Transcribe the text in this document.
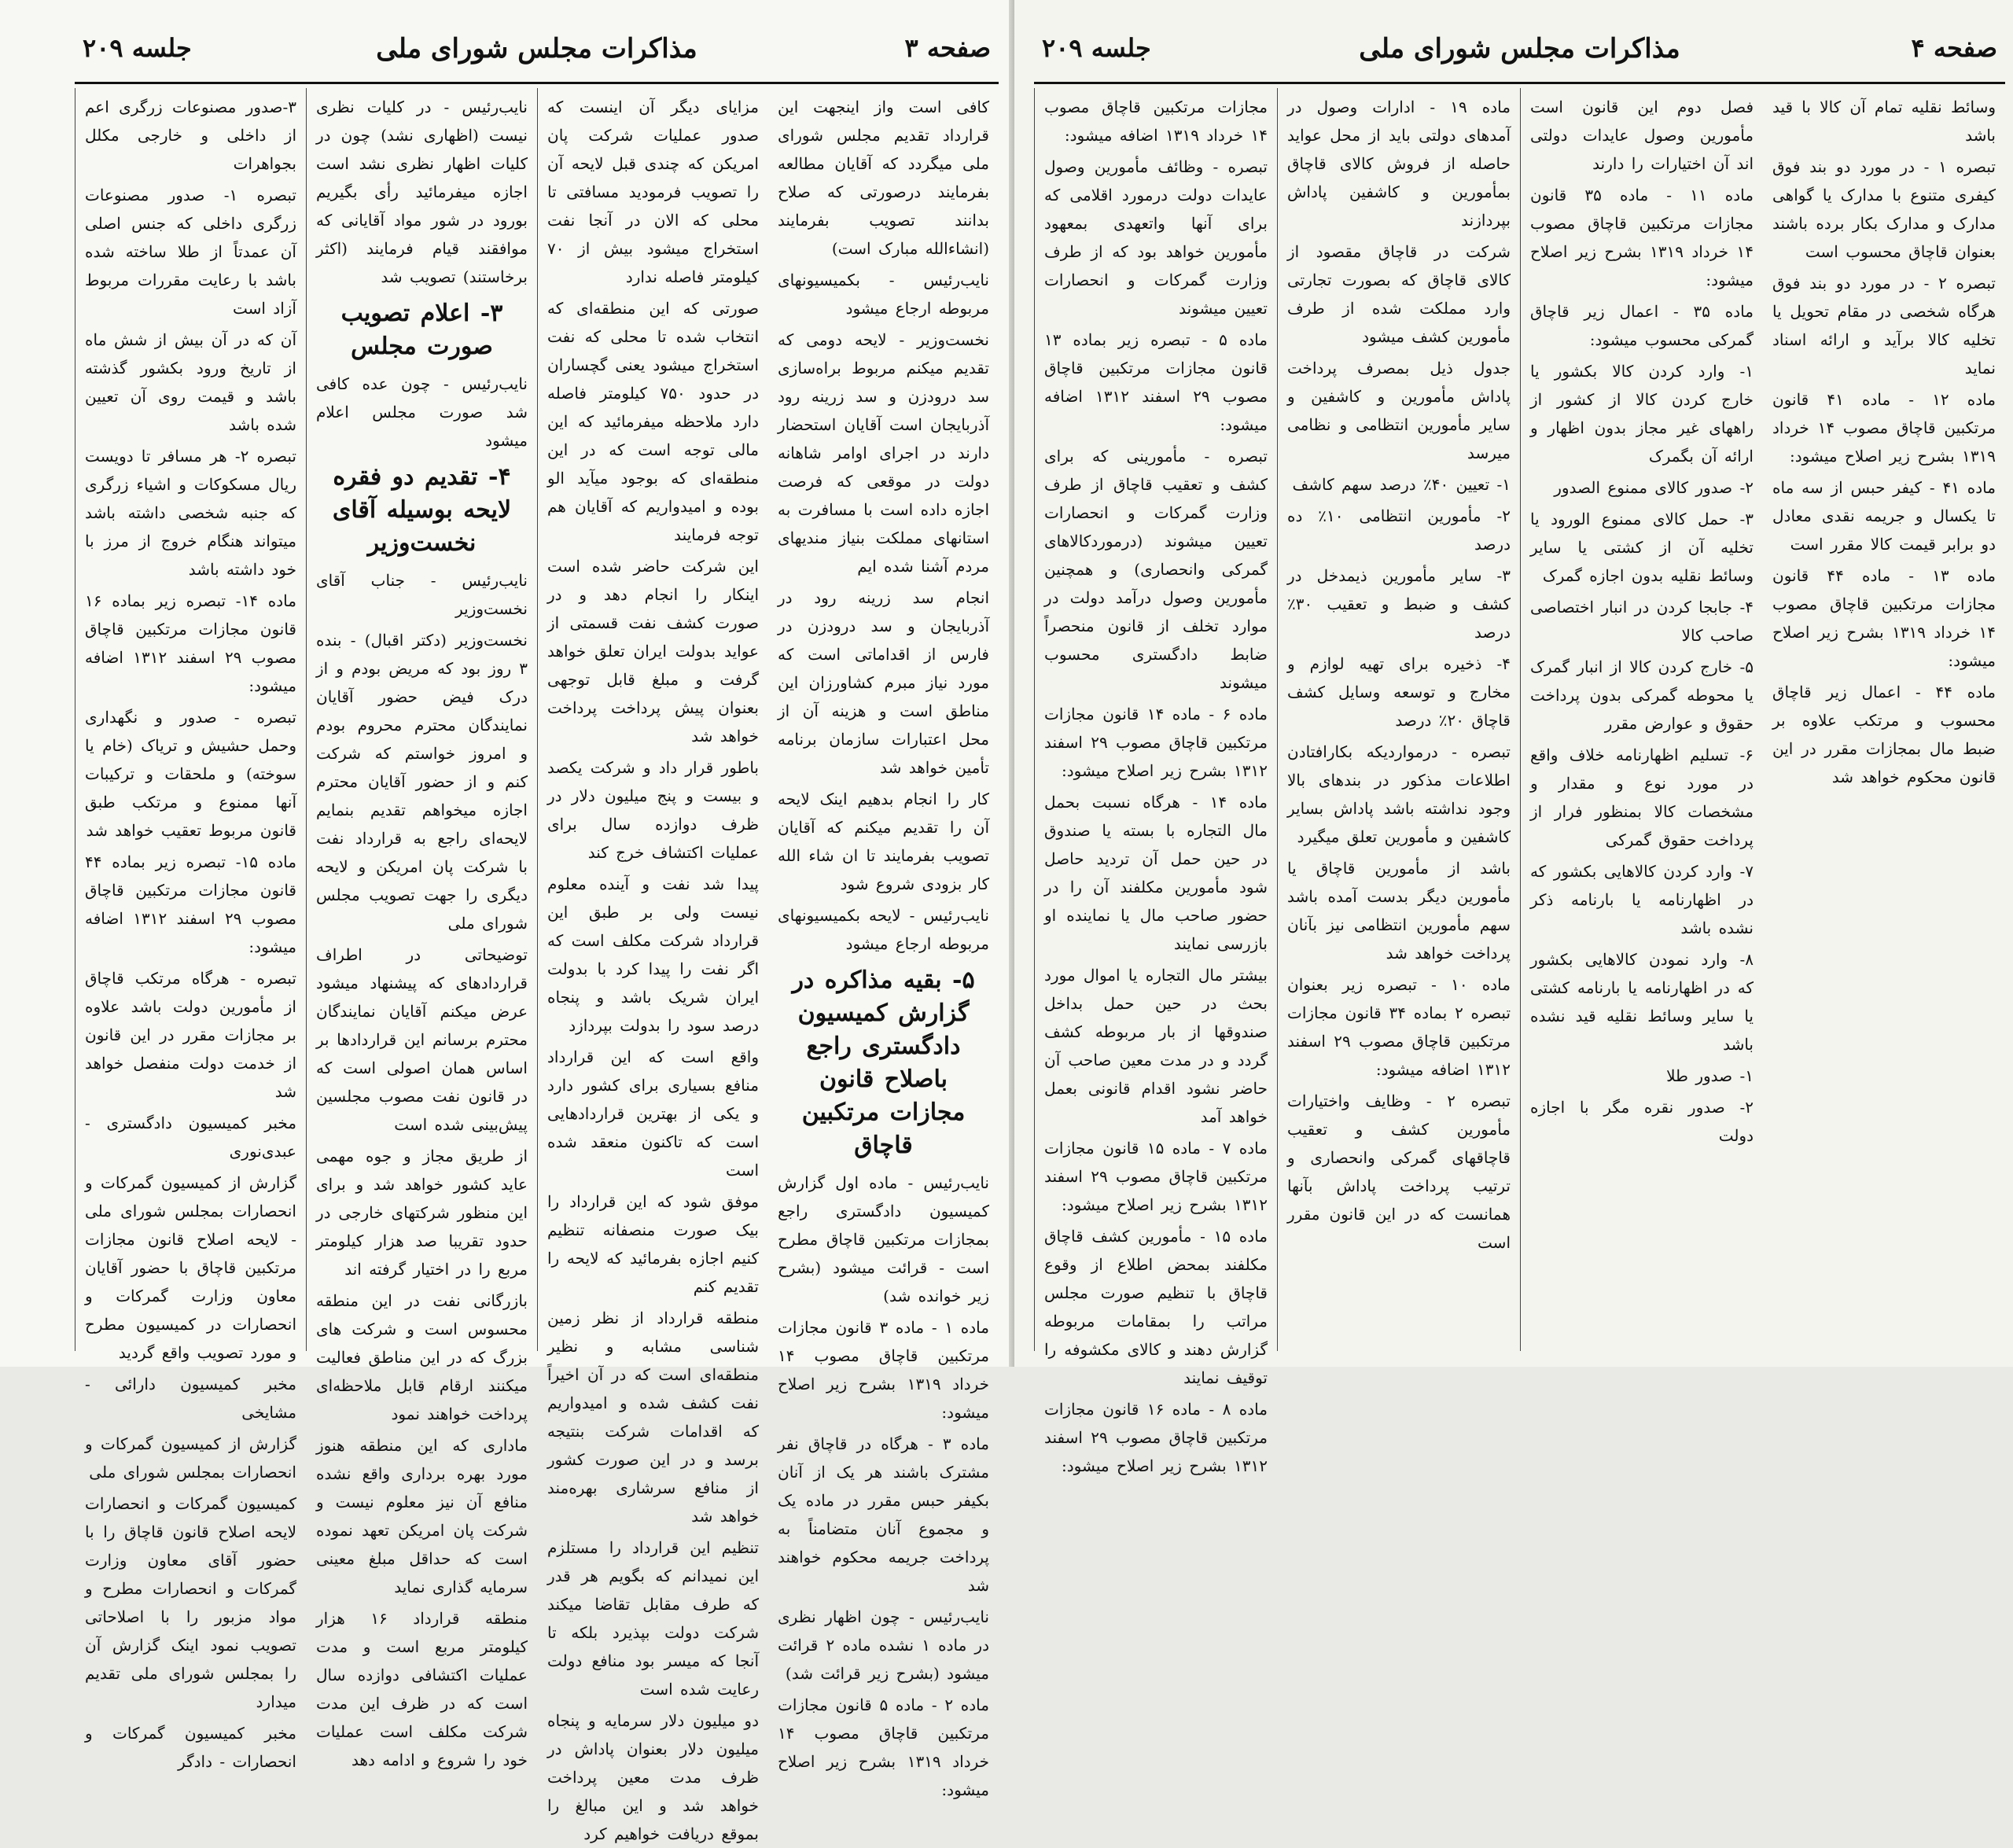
صفحه ۳
مذاکرات مجلس شورای ملی
جلسه ۲۰۹

۳-صدور مصنوعات زرگری اعم از داخلی و خارجی مکلل بجواهرات

تبصره ۱- صدور مصنوعات زرگری داخلی که جنس اصلی آن عمدتاً از طلا ساخته شده باشد با رعایت مقررات مربوط آزاد است

آن که در آن بیش از شش ماه از تاریخ ورود بکشور گذشته باشد و قیمت روی آن تعیین شده باشد

تبصره ۲- هر مسافر تا دویست ریال مسکوکات و اشیاء زرگری که جنبه شخصی داشته باشد میتواند هنگام خروج از مرز با خود داشته باشد

ماده ۱۴- تبصره زیر بماده ۱۶ قانون مجازات مرتکبین قاچاق مصوب ۲۹ اسفند ۱۳۱۲ اضافه میشود:

تبصره - صدور و نگهداری وحمل حشیش و تریاک (خام یا سوخته) و ملحقات و ترکیبات آنها ممنوع و مرتکب طبق قانون مربوط تعقیب خواهد شد

ماده ۱۵- تبصره زیر بماده ۴۴ قانون مجازات مرتکبین قاچاق مصوب ۲۹ اسفند ۱۳۱۲ اضافه میشود:

تبصره - هرگاه مرتکب قاچاق از مأمورین دولت باشد علاوه بر مجازات مقرر در این قانون از خدمت دولت منفصل خواهد شد

مخبر کمیسیون دادگستری - عبدی‌نوری

گزارش از کمیسیون گمرکات و انحصارات بمجلس شورای ملی - لایحه اصلاح قانون مجازات مرتکبین قاچاق با حضور آقایان معاون وزارت گمرکات و انحصارات در کمیسیون مطرح و مورد تصویب واقع گردید

مخبر کمیسیون دارائی - مشایخی

گزارش از کمیسیون گمرکات و انحصارات بمجلس شورای ملی

کمیسیون گمرکات و انحصارات لایحه اصلاح قانون قاچاق را با حضور آقای معاون وزارت گمرکات و انحصارات مطرح و مواد مزبور را با اصلاحاتی تصویب نمود اینک گزارش آن را بمجلس شورای ملی تقدیم میدارد

مخبر کمیسیون گمرکات و انحصارات - دادگر

نایب‌رئیس - در کلیات نظری نیست (اظهاری نشد) چون در کلیات اظهار نظری نشد است اجازه میفرمائید رأی بگیریم بورود در شور مواد آقایانی که موافقند قیام فرمایند (اکثر برخاستند) تصویب شد

۳- اعلام تصویب صورت مجلس

نایب‌رئیس - چون عده کافی شد صورت مجلس اعلام میشود

۴- تقدیم دو فقره لایحه بوسیله آقای نخست‌وزیر

نایب‌رئیس - جناب آقای نخست‌وزیر

نخست‌وزیر (دکتر اقبال) - بنده ۳ روز بود که مریض بودم و از درک فیض حضور آقایان نمایندگان محترم محروم بودم و امروز خواستم که شرکت کنم و از حضور آقایان محترم اجازه میخواهم تقدیم بنمایم لایحه‌ای راجع به قرارداد نفت با شرکت پان امریکن و لایحه دیگری را جهت تصویب مجلس شورای ملی

توضیحاتی در اطراف قراردادهای که پیشنهاد میشود عرض میکنم آقایان نمایندگان محترم برسانم این قراردادها بر اساس همان اصولی است که در قانون نفت مصوب مجلسین پیش‌بینی شده است

از طریق مجاز و جوه مهمی عاید کشور خواهد شد و برای این منظور شرکتهای خارجی در حدود تقریبا صد هزار کیلومتر مربع را در اختیار گرفته اند

بازرگانی نفت در این منطقه محسوس است و شرکت های بزرگ که در این مناطق فعالیت میکنند ارقام قابل ملاحظه‌ای پرداخت خواهند نمود

ماداری که این منطقه هنوز مورد بهره برداری واقع نشده منافع آن نیز معلوم نیست و شرکت پان امریکن تعهد نموده است که حداقل مبلغ معینی سرمایه گذاری نماید

منطقه قرارداد ۱۶ هزار کیلومتر مربع است و مدت عملیات اکتشافی دوازده سال است که در ظرف این مدت شرکت مکلف است عملیات خود را شروع و ادامه دهد

مزایای دیگر آن اینست که صدور عملیات شرکت پان امریکن که چندی قبل لایحه آن را تصویب فرمودید مسافتی تا محلی که الان در آنجا نفت استخراج میشود بیش از ۷۰ کیلومتر فاصله ندارد

صورتی که این منطقه‌ای که انتخاب شده تا محلی که نفت استخراج میشود یعنی گچساران در حدود ۷۵۰ کیلومتر فاصله دارد ملاحظه میفرمائید که این مالی توجه است که در این منطقه‌ای که بوجود میآید الو بوده و امیدواریم که آقایان هم توجه فرمایند

این شرکت حاضر شده است اینکار را انجام دهد و در صورت کشف نفت قسمتی از عواید بدولت ایران تعلق خواهد گرفت و مبلغ قابل توجهی بعنوان پیش پرداخت پرداخت خواهد شد

باطور قرار داد و شرکت یکصد و بیست و پنج میلیون دلار در ظرف دوازده سال برای عملیات اکتشاف خرج کند

پیدا شد نفت و آینده معلوم نیست ولی بر طبق این قرارداد شرکت مکلف است که اگر نفت را پیدا کرد با بدولت ایران شریک باشد و پنجاه درصد سود را بدولت بپردازد

واقع است که این قرارداد منافع بسیاری برای کشور دارد و یکی از بهترین قراردادهایی است که تاکنون منعقد شده است

موفق شود که این قرارداد را بیک صورت منصفانه تنظیم کنیم اجازه بفرمائید که لایحه را تقدیم کنم

منطقه قرارداد از نظر زمین شناسی مشابه و نظیر منطقه‌ای است که در آن اخیراً نفت کشف شده و امیدواریم که اقدامات شرکت بنتیجه برسد و در این صورت کشور از منافع سرشاری بهره‌مند خواهد شد

تنظیم این قرارداد را مستلزم این نمیدانم که بگویم هر قدر که طرف مقابل تقاضا میکند شرکت دولت بپذیرد بلکه تا آنجا که میسر بود منافع دولت رعایت شده است

دو میلیون دلار سرمایه و پنجاه میلیون دلار بعنوان پاداش در ظرف مدت معین پرداخت خواهد شد و این مبالغ را بموقع دریافت خواهیم کرد

کافی است واز اینجهت این قرارداد تقدیم مجلس شورای ملی میگردد که آقایان مطالعه بفرمایند درصورتی که صلاح بدانند تصویب بفرمایند (انشاءالله مبارک است)

نایب‌رئیس - بکمیسیونهای مربوطه ارجاع میشود

نخست‌وزیر - لایحه دومی که تقدیم میکنم مربوط براه‌سازی سد درودزن و سد زرینه رود آذربایجان است آقایان استحضار دارند در اجرای اوامر شاهانه دولت در موقعی که فرصت اجازه داده است با مسافرت به استانهای مملکت بنیاز مندیهای مردم آشنا شده ایم

انجام سد زرینه رود در آذربایجان و سد درودزن در فارس از اقداماتی است که مورد نیاز مبرم کشاورزان این مناطق است و هزینه آن از محل اعتبارات سازمان برنامه تأمین خواهد شد

کار را انجام بدهیم اینک لایحه آن را تقدیم میکنم که آقایان تصویب بفرمایند تا ان شاء الله کار بزودی شروع شود

نایب‌رئیس - لایحه بکمیسیونهای مربوطه ارجاع میشود

۵- بقیه مذاکره در گزارش کمیسیون دادگستری راجع باصلاح قانون مجازات مرتکبین قاچاق

نایب‌رئیس - ماده اول گزارش کمیسیون دادگستری راجع بمجازات مرتکبین قاچاق مطرح است - قرائت میشود (بشرح زیر خوانده شد)

ماده ۱ - ماده ۳ قانون مجازات مرتکبین قاچاق مصوب ۱۴ خرداد ۱۳۱۹ بشرح زیر اصلاح میشود:

ماده ۳ - هرگاه در قاچاق نفر مشترک باشند هر یک از آنان بکیفر حبس مقرر در ماده یک و مجموع آنان متضامناً به پرداخت جریمه محکوم خواهند شد

نایب‌رئیس - چون اظهار نظری در ماده ۱ نشده ماده ۲ قرائت میشود (بشرح زیر قرائت شد)

ماده ۲ - ماده ۵ قانون مجازات مرتکبین قاچاق مصوب ۱۴ خرداد ۱۳۱۹ بشرح زیر اصلاح میشود:

صفحه ۴
مذاکرات مجلس شورای ملی
جلسه ۲۰۹

مجازات مرتکبین قاچاق مصوب ۱۴ خرداد ۱۳۱۹ اضافه میشود:

تبصره - وظائف مأمورین وصول عایدات دولت درمورد اقلامی که برای آنها واتعهدی بمعهود مأمورین خواهد بود که از طرف وزارت گمرکات و انحصارات تعیین میشوند

ماده ۵ - تبصره زیر بماده ۱۳ قانون مجازات مرتکبین قاچاق مصوب ۲۹ اسفند ۱۳۱۲ اضافه میشود:

تبصره - مأمورینی که برای کشف و تعقیب قاچاق از طرف وزارت گمرکات و انحصارات تعیین میشوند (درموردکالاهای گمرکی وانحصاری) و همچنین مأمورین وصول درآمد دولت در موارد تخلف از قانون منحصراً ضابط دادگستری محسوب میشوند

ماده ۶ - ماده ۱۴ قانون مجازات مرتکبین قاچاق مصوب ۲۹ اسفند ۱۳۱۲ بشرح زیر اصلاح میشود:

ماده ۱۴ - هرگاه نسبت بحمل مال التجاره با بسته یا صندوق در حین حمل آن تردید حاصل شود مأمورین مکلفند آن را در حضور صاحب مال یا نماینده او بازرسی نمایند

بیشتر مال التجاره یا اموال مورد بحث در حین حمل بداخل صندوقها از بار مربوطه کشف گردد و در مدت معین صاحب آن حاضر نشود اقدام قانونی بعمل خواهد آمد

ماده ۷ - ماده ۱۵ قانون مجازات مرتکبین قاچاق مصوب ۲۹ اسفند ۱۳۱۲ بشرح زیر اصلاح میشود:

ماده ۱۵ - مأمورین کشف قاچاق مکلفند بمحض اطلاع از وقوع قاچاق با تنظیم صورت مجلس مراتب را بمقامات مربوطه گزارش دهند و کالای مکشوفه را توقیف نمایند

ماده ۸ - ماده ۱۶ قانون مجازات مرتکبین قاچاق مصوب ۲۹ اسفند ۱۳۱۲ بشرح زیر اصلاح میشود:

ماده ۱۹ - ادارات وصول در آمدهای دولتی باید از محل عواید حاصله از فروش کالای قاچاق بمأمورین و کاشفین پاداش بپردازند

شرکت در قاچاق مقصود از کالای قاچاق که بصورت تجارتی وارد مملکت شده از طرف مأمورین کشف میشود

جدول ذیل بمصرف پرداخت پاداش مأمورین و کاشفین و سایر مأمورین انتظامی و نظامی میرسد

۱- تعیین ۴۰٪ درصد سهم کاشف

۲- مأمورین انتظامی ۱۰٪ ده درصد

۳- سایر مأمورین ذیمدخل در کشف و ضبط و تعقیب ۳۰٪ درصد

۴- ذخیره برای تهیه لوازم و مخارج و توسعه وسایل کشف قاچاق ۲۰٪ درصد

تبصره - درمواردیکه بکارافتادن اطلاعات مذکور در بندهای بالا وجود نداشته باشد پاداش بسایر کاشفین و مأمورین تعلق میگیرد

باشد از مأمورین قاچاق یا مأمورین دیگر بدست آمده باشد سهم مأمورین انتظامی نیز بآنان پرداخت خواهد شد

ماده ۱۰ - تبصره زیر بعنوان تبصره ۲ بماده ۳۴ قانون مجازات مرتکبین قاچاق مصوب ۲۹ اسفند ۱۳۱۲ اضافه میشود:

تبصره ۲ - وظایف واختیارات مأمورین کشف و تعقیب قاچاقهای گمرکی وانحصاری و ترتیب پرداخت پاداش بآنها همانست که در این قانون مقرر است

فصل دوم این قانون است مأمورین وصول عایدات دولتی اند آن اختیارات را دارند

ماده ۱۱ - ماده ۳۵ قانون مجازات مرتکبین قاچاق مصوب ۱۴ خرداد ۱۳۱۹ بشرح زیر اصلاح میشود:

ماده ۳۵ - اعمال زیر قاچاق گمرکی محسوب میشود:

۱- وارد کردن کالا بکشور یا خارج کردن کالا از کشور از راههای غیر مجاز بدون اظهار و ارائه آن بگمرک

۲- صدور کالای ممنوع الصدور

۳- حمل کالای ممنوع الورود یا تخلیه آن از کشتی یا سایر وسائط نقلیه بدون اجازه گمرک

۴- جابجا کردن در انبار اختصاصی صاحب کالا

۵- خارج کردن کالا از انبار گمرک یا محوطه گمرکی بدون پرداخت حقوق و عوارض مقرر

۶- تسلیم اظهارنامه خلاف واقع در مورد نوع و مقدار و مشخصات کالا بمنظور فرار از پرداخت حقوق گمرکی

۷- وارد کردن کالاهایی بکشور که در اظهارنامه یا بارنامه ذکر نشده باشد

۸- وارد نمودن کالاهایی بکشور که در اظهارنامه یا بارنامه کشتی یا سایر وسائط نقلیه قید نشده باشد

۱- صدور طلا

۲- صدور نقره مگر با اجازه دولت

وسائط نقلیه تمام آن کالا با قید باشد

تبصره ۱ - در مورد دو بند فوق کیفری متنوع با مدارک یا گواهی مدارک و مدارک بکار برده باشند بعنوان قاچاق محسوب است

تبصره ۲ - در مورد دو بند فوق هرگاه شخصی در مقام تحویل یا تخلیه کالا برآید و ارائه اسناد نماید

ماده ۱۲ - ماده ۴۱ قانون مرتکبین قاچاق مصوب ۱۴ خرداد ۱۳۱۹ بشرح زیر اصلاح میشود:

ماده ۴۱ - کیفر حبس از سه ماه تا یکسال و جریمه نقدی معادل دو برابر قیمت کالا مقرر است

ماده ۱۳ - ماده ۴۴ قانون مجازات مرتکبین قاچاق مصوب ۱۴ خرداد ۱۳۱۹ بشرح زیر اصلاح میشود:

ماده ۴۴ - اعمال زیر قاچاق محسوب و مرتکب علاوه بر ضبط مال بمجازات مقرر در این قانون محکوم خواهد شد
